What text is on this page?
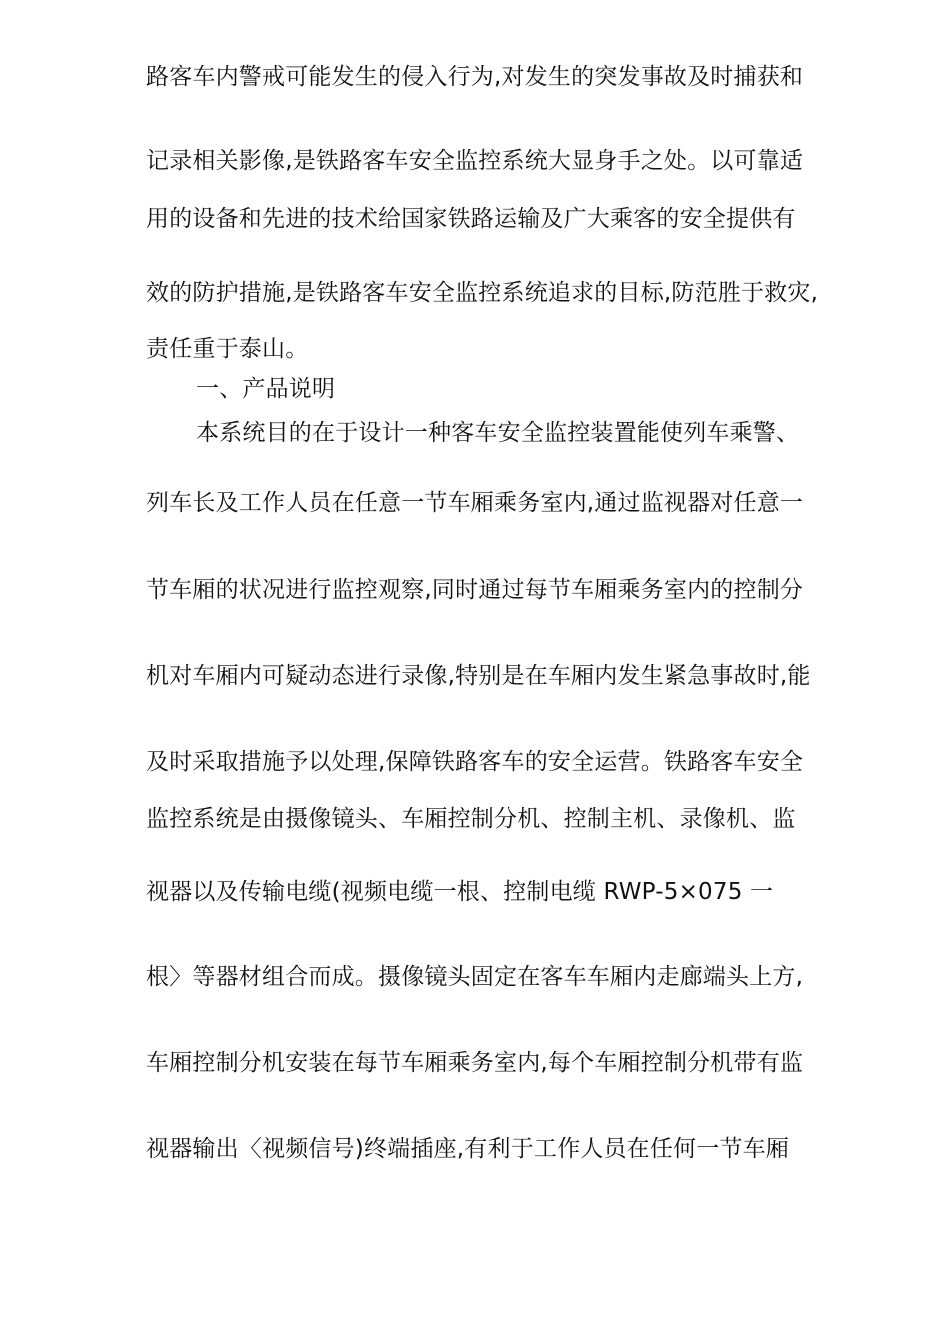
路客车内警戒可能发生的侵入行为,对发生的突发事故及时捕获和
记录相关影像,是铁路客车安全监控系统大显身手之处。以可靠适
用的设备和先进的技术给国家铁路运输及广大乘客的安全提供有
效的防护措施,是铁路客车安全监控系统追求的目标,防范胜于救灾,
责任重于泰山。
一、产品说明
本系统目的在于设计一种客车安全监控装置能使列车乘警、
列车长及工作人员在任意一节车厢乘务室内,通过监视器对任意一
节车厢的状况进行监控观察,同时通过每节车厢乘务室内的控制分
机对车厢内可疑动态进行录像,特别是在车厢内发生紧急事故时,能
及时采取措施予以处理,保障铁路客车的安全运营。铁路客车安全
监控系统是由摄像镜头、车厢控制分机、控制主机、录像机、监
视器以及传输电缆(视频电缆一根、控制电缆 RWP-5×075 一
根〉等器材组合而成。摄像镜头固定在客车车厢内走廊端头上方,
车厢控制分机安装在每节车厢乘务室内,每个车厢控制分机带有监
视器输出〈视频信号)终端插座,有利于工作人员在任何一节车厢
